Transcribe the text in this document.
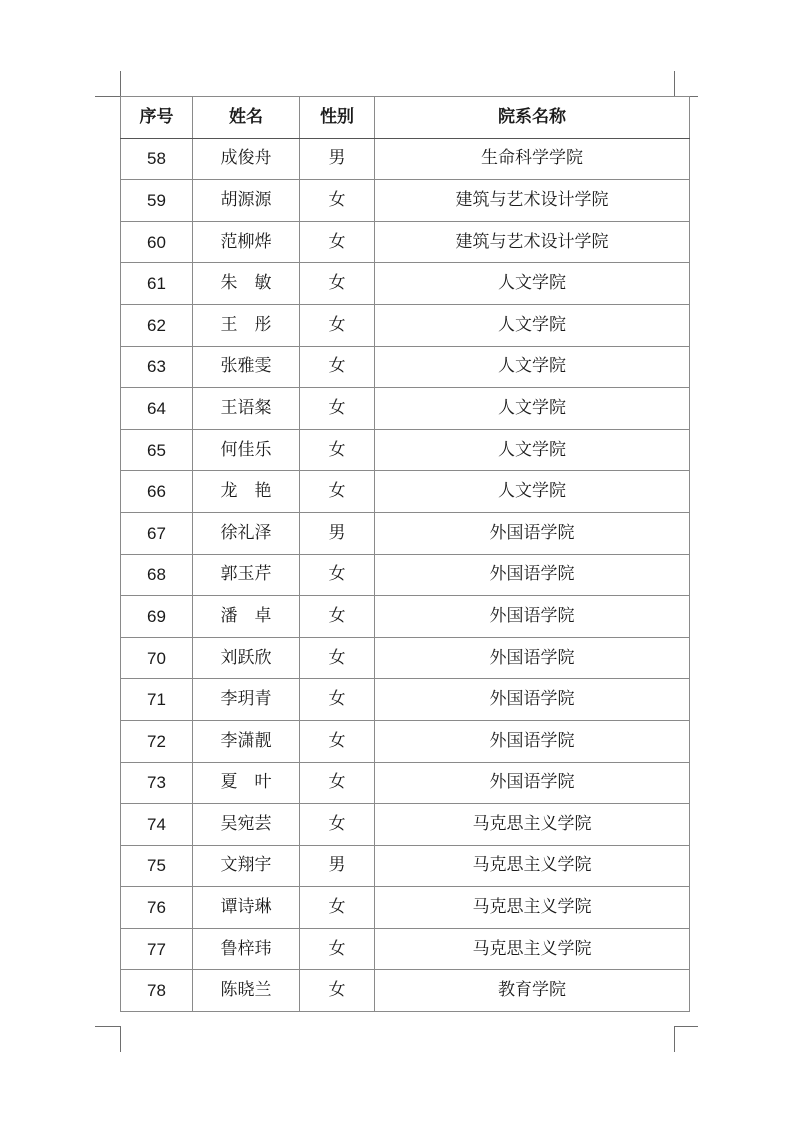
序号	姓名	性别	院系名称
58	成俊舟	男	生命科学学院
59	胡源源	女	建筑与艺术设计学院
60	范柳烨	女	建筑与艺术设计学院
61	朱　敏	女	人文学院
62	王　彤	女	人文学院
63	张雅雯	女	人文学院
64	王语粲	女	人文学院
65	何佳乐	女	人文学院
66	龙　艳	女	人文学院
67	徐礼泽	男	外国语学院
68	郭玉芹	女	外国语学院
69	潘　卓	女	外国语学院
70	刘跃欣	女	外国语学院
71	李玥青	女	外国语学院
72	李潇靓	女	外国语学院
73	夏　叶	女	外国语学院
74	吴宛芸	女	马克思主义学院
75	文翔宇	男	马克思主义学院
76	谭诗琳	女	马克思主义学院
77	鲁梓玮	女	马克思主义学院
78	陈晓兰	女	教育学院
